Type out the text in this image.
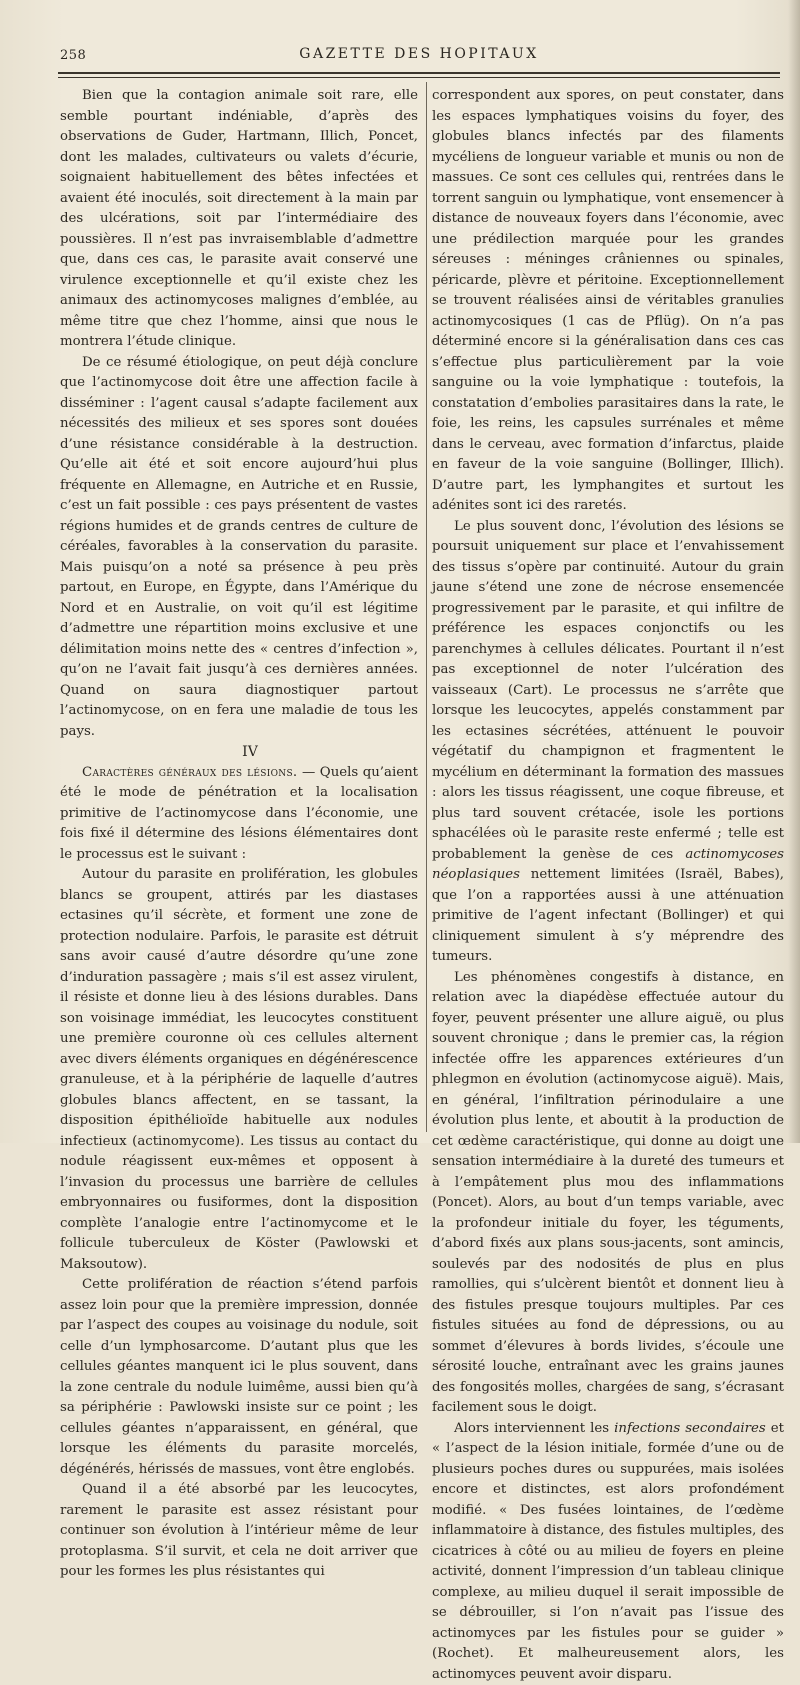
258	GAZETTE DES HOPITAUX

Bien que la contagion animale soit rare, elle semble pourtant indéniable, d’après des observations de Guder, Hartmann, Illich, Poncet, dont les malades, cultivateurs ou valets d’écurie, soignaient habituellement des bêtes infectées et avaient été inoculés, soit directement à la main par des ulcérations, soit par l’intermédiaire des poussières. Il n’est pas invraisemblable d’admettre que, dans ces cas, le parasite avait conservé une virulence exceptionnelle et qu’il existe chez les animaux des actinomycoses malignes d’emblée, au même titre que chez l’homme, ainsi que nous le montrera l’étude clinique.

De ce résumé étiologique, on peut déjà conclure que l’actinomycose doit être une affection facile à disséminer : l’agent causal s’adapte facilement aux nécessités des milieux et ses spores sont douées d’une résistance considérable à la destruction. Qu’elle ait été et soit encore aujourd’hui plus fréquente en Allemagne, en Autriche et en Russie, c’est un fait possible : ces pays présentent de vastes régions humides et de grands centres de culture de céréales, favorables à la conservation du parasite. Mais puisqu’on a noté sa présence à peu près partout, en Europe, en Égypte, dans l’Amérique du Nord et en Australie, on voit qu’il est légitime d’admettre une répartition moins exclusive et une délimitation moins nette des « centres d’infection », qu’on ne l’avait fait jusqu’à ces dernières années. Quand on saura diagnostiquer partout l’actinomycose, on en fera une maladie de tous les pays.

IV

Caractères généraux des lésions. — Quels qu’aient été le mode de pénétration et la localisation primitive de l’actinomycose dans l’économie, une fois fixé il détermine des lésions élémentaires dont le processus est le suivant :

Autour du parasite en prolifération, les globules blancs se groupent, attirés par les diastases ectasines qu’il sécrète, et forment une zone de protection nodulaire. Parfois, le parasite est détruit sans avoir causé d’autre désordre qu’une zone d’induration passagère ; mais s’il est assez virulent, il résiste et donne lieu à des lésions durables. Dans son voisinage immédiat, les leucocytes constituent une première couronne où ces cellules alternent avec divers éléments organiques en dégénérescence granuleuse, et à la périphérie de laquelle d’autres globules blancs affectent, en se tassant, la disposition épithélioïde habituelle aux nodules infectieux (actinomycome). Les tissus au contact du nodule réagissent eux-mêmes et opposent à l’invasion du processus une barrière de cellules embryonnaires ou fusiformes, dont la disposition complète l’analogie entre l’actinomycome et le follicule tuberculeux de Köster (Pawlowski et Maksoutow).

Cette prolifération de réaction s’étend parfois assez loin pour que la première impression, donnée par l’aspect des coupes au voisinage du nodule, soit celle d’un lymphosarcome. D’autant plus que les cellules géantes manquent ici le plus souvent, dans la zone centrale du nodule luimême, aussi bien qu’à sa périphérie : Pawlowski insiste sur ce point ; les cellules géantes n’apparaissent, en général, que lorsque les éléments du parasite morcelés, dégénérés, hérissés de massues, vont être englobés.

Quand il a été absorbé par les leucocytes, rarement le parasite est assez résistant pour continuer son évolution à l’intérieur même de leur protoplasma. S’il survit, et cela ne doit arriver que pour les formes les plus résistantes qui

correspondent aux spores, on peut constater, dans les espaces lymphatiques voisins du foyer, des globules blancs infectés par des filaments mycéliens de longueur variable et munis ou non de massues. Ce sont ces cellules qui, rentrées dans le torrent sanguin ou lymphatique, vont ensemencer à distance de nouveaux foyers dans l’économie, avec une prédilection marquée pour les grandes séreuses : méninges crâniennes ou spinales, péricarde, plèvre et péritoine. Exceptionnellement se trouvent réalisées ainsi de véritables granulies actinomycosiques (1 cas de Pflüg). On n’a pas déterminé encore si la généralisation dans ces cas s’effectue plus particulièrement par la voie sanguine ou la voie lymphatique : toutefois, la constatation d’embolies parasitaires dans la rate, le foie, les reins, les capsules surrénales et même dans le cerveau, avec formation d’infarctus, plaide en faveur de la voie sanguine (Bollinger, Illich). D’autre part, les lymphangites et surtout les adénites sont ici des raretés.

Le plus souvent donc, l’évolution des lésions se poursuit uniquement sur place et l’envahissement des tissus s’opère par continuité. Autour du grain jaune s’étend une zone de nécrose ensemencée progressivement par le parasite, et qui infiltre de préférence les espaces conjonctifs ou les parenchymes à cellules délicates. Pourtant il n’est pas exceptionnel de noter l’ulcération des vaisseaux (Cart). Le processus ne s’arrête que lorsque les leucocytes, appelés constamment par les ectasines sécrétées, atténuent le pouvoir végétatif du champignon et fragmentent le mycélium en déterminant la formation des massues : alors les tissus réagissent, une coque fibreuse, et plus tard souvent crétacée, isole les portions sphacélées où le parasite reste enfermé ; telle est probablement la genèse de ces actinomycoses néoplasiques nettement limitées (Israël, Babes), que l’on a rapportées aussi à une atténuation primitive de l’agent infectant (Bollinger) et qui cliniquement simulent à s’y méprendre des tumeurs.

Les phénomènes congestifs à distance, en relation avec la diapédèse effectuée autour du foyer, peuvent présenter une allure aiguë, ou plus souvent chronique ; dans le premier cas, la région infectée offre les apparences extérieures d’un phlegmon en évolution (actinomycose aiguë). Mais, en général, l’infiltration périnodulaire a une évolution plus lente, et aboutit à la production de cet œdème caractéristique, qui donne au doigt une sensation intermédiaire à la dureté des tumeurs et à l’empâtement plus mou des inflammations (Poncet). Alors, au bout d’un temps variable, avec la profondeur initiale du foyer, les téguments, d’abord fixés aux plans sous-jacents, sont amincis, soulevés par des nodosités de plus en plus ramollies, qui s’ulcèrent bientôt et donnent lieu à des fistules presque toujours multiples. Par ces fistules situées au fond de dépressions, ou au sommet d’élevures à bords livides, s’écoule une sérosité louche, entraînant avec les grains jaunes des fongosités molles, chargées de sang, s’écrasant facilement sous le doigt.

Alors interviennent les infections secondaires et « l’aspect de la lésion initiale, formée d’une ou de plusieurs poches dures ou suppurées, mais isolées encore et distinctes, est alors profondément modifié. « Des fusées lointaines, de l’œdème inflammatoire à distance, des fistules multiples, des cicatrices à côté ou au milieu de foyers en pleine activité, donnent l’impression d’un tableau clinique complexe, au milieu duquel il serait impossible de se débrouiller, si l’on n’avait pas l’issue des actinomyces par les fistules pour se guider » (Rochet). Et malheureusement alors, les actinomyces peuvent avoir disparu.
